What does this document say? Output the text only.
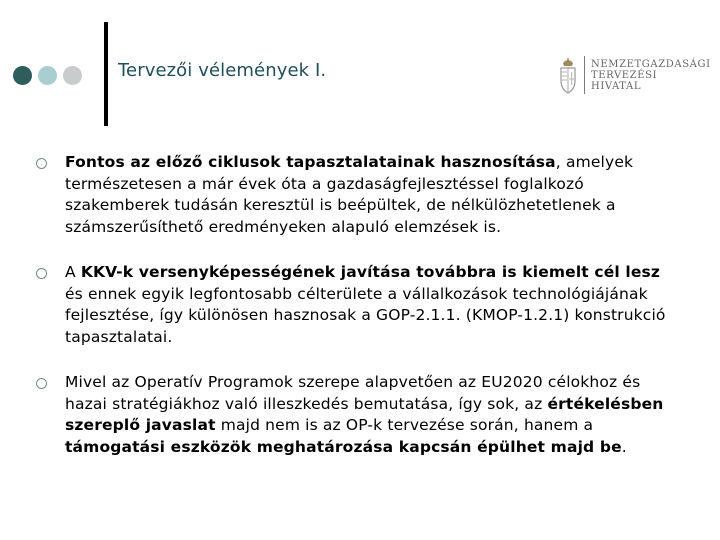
Tervezői vélemények I.	NEMZETGAZDASÁGI
TERVEZÉSI
HIVATAL
Fontos az előző ciklusok tapasztalatainak hasznosítása, amelyek természetesen a már évek óta a gazdaságfejlesztéssel foglalkozó szakemberek tudásán keresztül is beépültek, de nélkülözhetetlenek a számszerűsíthető eredményeken alapuló elemzések is.
A KKV-k versenyképességének javítása továbbra is kiemelt cél lesz és ennek egyik legfontosabb célterülete a vállalkozások technológiájának fejlesztése, így különösen hasznosak a GOP-2.1.1. (KMOP-1.2.1) konstrukció tapasztalatai.
Mivel az Operatív Programok szerepe alapvetően az EU2020 célokhoz és hazai stratégiákhoz való illeszkedés bemutatása, így sok, az értékelésben szereplő javaslat majd nem is az OP-k tervezése során, hanem a támogatási eszközök meghatározása kapcsán épülhet majd be.
